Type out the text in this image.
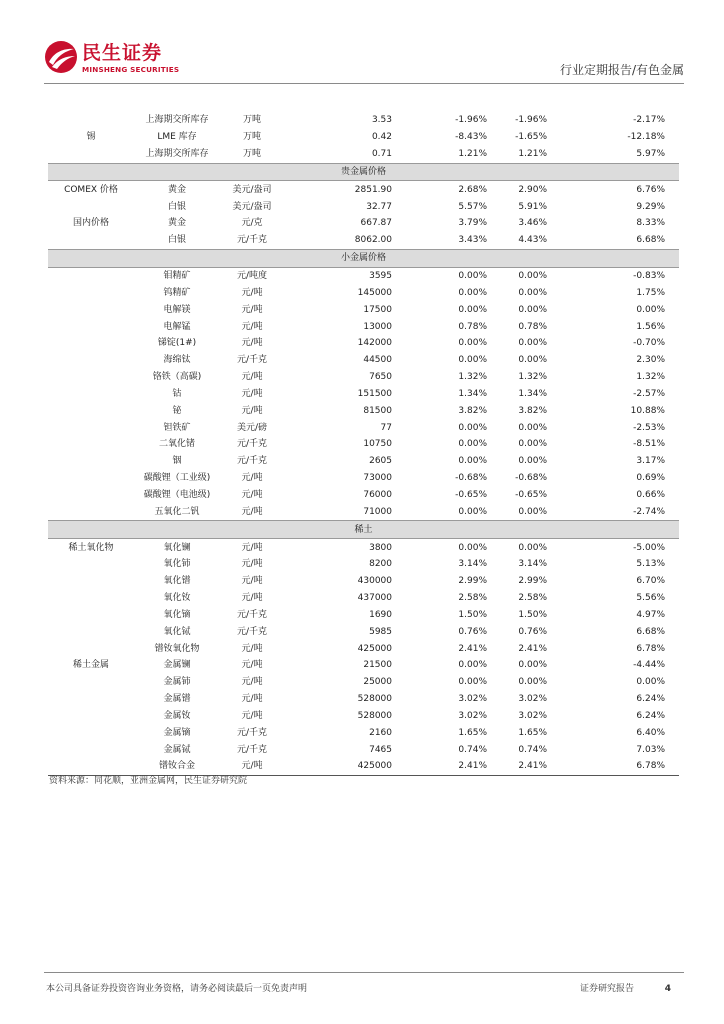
民生证券
MINSHENG SECURITIES	行业定期报告/有色金属
	上海期交所库存	万吨	3.53	-1.96%	-1.96%	-2.17%
锡	LME 库存	万吨	0.42	-8.43%	-1.65%	-12.18%
	上海期交所库存	万吨	0.71	1.21%	1.21%	5.97%
贵金属价格						
COMEX 价格	黄金	美元/盎司	2851.90	2.68%	2.90%	6.76%
	白银	美元/盎司	32.77	5.57%	5.91%	9.29%
国内价格	黄金	元/克	667.87	3.79%	3.46%	8.33%
	白银	元/千克	8062.00	3.43%	4.43%	6.68%
小金属价格						
	钼精矿	元/吨度	3595	0.00%	0.00%	-0.83%
	钨精矿	元/吨	145000	0.00%	0.00%	1.75%
	电解镁	元/吨	17500	0.00%	0.00%	0.00%
	电解锰	元/吨	13000	0.78%	0.78%	1.56%
	锑锭(1#)	元/吨	142000	0.00%	0.00%	-0.70%
	海绵钛	元/千克	44500	0.00%	0.00%	2.30%
	铬铁（高碳)	元/吨	7650	1.32%	1.32%	1.32%
	钴	元/吨	151500	1.34%	1.34%	-2.57%
	铋	元/吨	81500	3.82%	3.82%	10.88%
	钽铁矿	美元/磅	77	0.00%	0.00%	-2.53%
	二氧化锗	元/千克	10750	0.00%	0.00%	-8.51%
	铟	元/千克	2605	0.00%	0.00%	3.17%
	碳酸锂（工业级)	元/吨	73000	-0.68%	-0.68%	0.69%
	碳酸锂（电池级)	元/吨	76000	-0.65%	-0.65%	0.66%
	五氧化二钒	元/吨	71000	0.00%	0.00%	-2.74%
稀土						
稀土氧化物	氧化镧	元/吨	3800	0.00%	0.00%	-5.00%
	氧化铈	元/吨	8200	3.14%	3.14%	5.13%
	氧化镨	元/吨	430000	2.99%	2.99%	6.70%
	氧化钕	元/吨	437000	2.58%	2.58%	5.56%
	氧化镝	元/千克	1690	1.50%	1.50%	4.97%
	氧化铽	元/千克	5985	0.76%	0.76%	6.68%
	镨钕氧化物	元/吨	425000	2.41%	2.41%	6.78%
稀土金属	金属镧	元/吨	21500	0.00%	0.00%	-4.44%
	金属铈	元/吨	25000	0.00%	0.00%	0.00%
	金属镨	元/吨	528000	3.02%	3.02%	6.24%
	金属钕	元/吨	528000	3.02%	3.02%	6.24%
	金属镝	元/千克	2160	1.65%	1.65%	6.40%
	金属铽	元/千克	7465	0.74%	0.74%	7.03%
	镨钕合金	元/吨	425000	2.41%	2.41%	6.78%
资料来源：同花顺，亚洲金属网，民生证券研究院
本公司具备证券投资咨询业务资格，请务必阅读最后一页免责声明	证券研究报告	4
